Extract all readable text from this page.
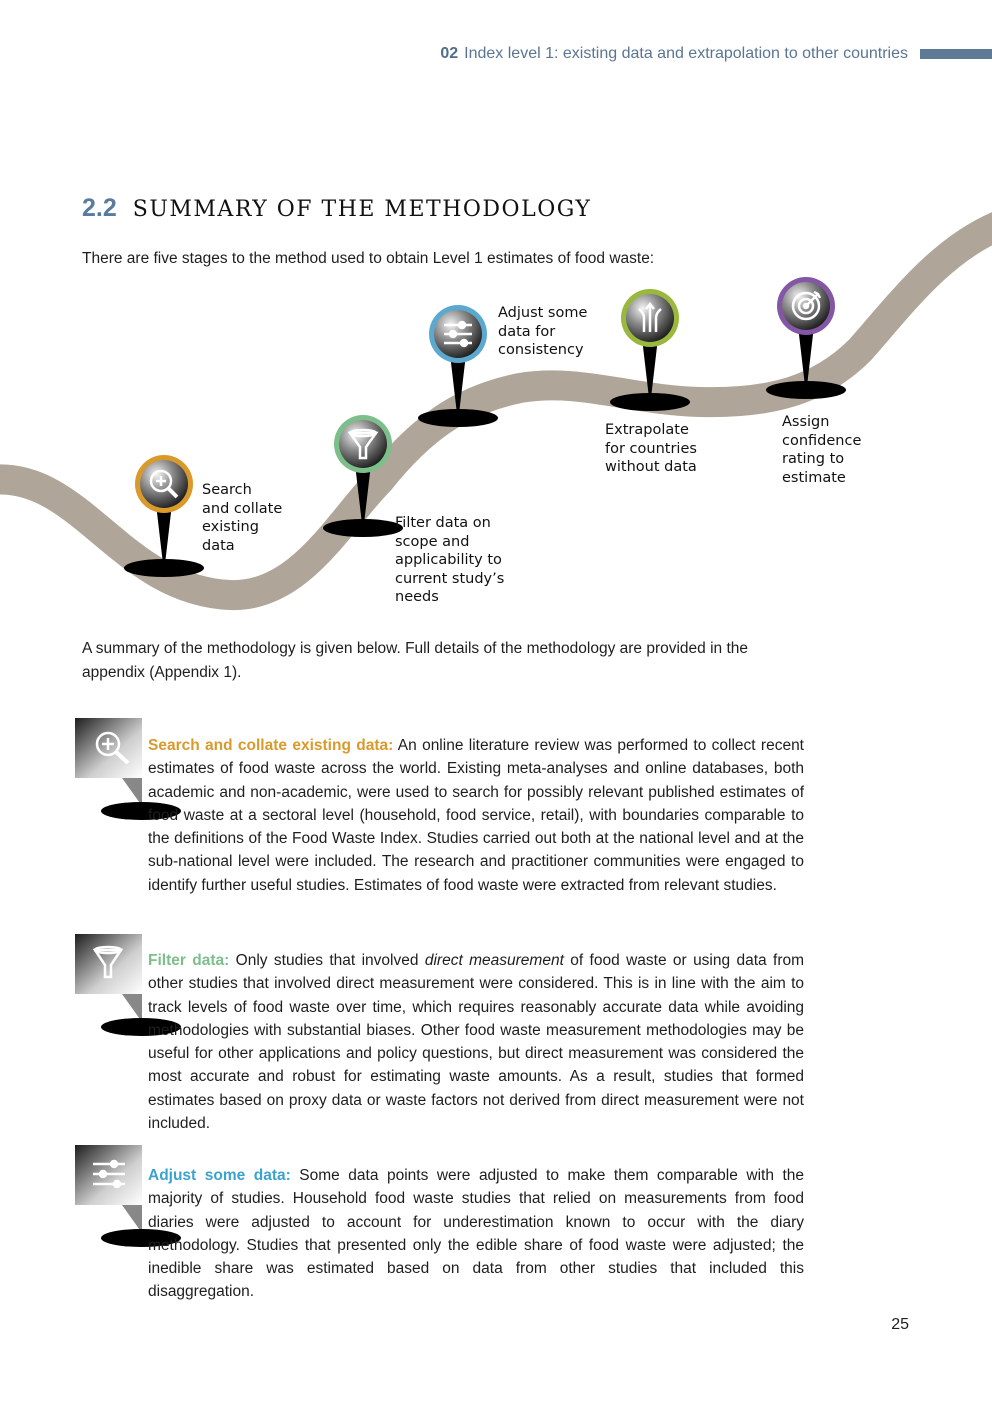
02 Index level 1: existing data and extrapolation to other countries
2.2 SUMMARY OF THE METHODOLOGY

There are five stages to the method used to obtain Level 1 estimates of food waste:

Search
and collate
existing
data

Filter data on
scope and
applicability to
current study’s
needs

Adjust some
data for
consistency

Extrapolate
for countries
without data

Assign
confidence
rating to
estimate

A summary of the methodology is given below. Full details of the methodology are provided in the appendix (Appendix 1).

Search and collate existing data: An online literature review was performed to collect recent estimates of food waste across the world. Existing meta-analyses and online databases, both academic and non-academic, were used to search for possibly relevant published estimates of food waste at a sectoral level (household, food service, retail), with boundaries comparable to the definitions of the Food Waste Index. Studies carried out both at the national level and at the sub-national level were included. The research and practitioner communities were engaged to identify further useful studies. Estimates of food waste were extracted from relevant studies.

Filter data: Only studies that involved direct measurement of food waste or using data from other studies that involved direct measurement were considered. This is in line with the aim to track levels of food waste over time, which requires reasonably accurate data while avoiding methodologies with substantial biases. Other food waste measurement methodologies may be useful for other applications and policy questions, but direct measurement was considered the most accurate and robust for estimating waste amounts. As a result, studies that formed estimates based on proxy data or waste factors not derived from direct measurement were not included.

Adjust some data: Some data points were adjusted to make them comparable with the majority of studies. Household food waste studies that relied on measurements from food diaries were adjusted to account for underestimation known to occur with the diary methodology. Studies that presented only the edible share of food waste were adjusted; the inedible share was estimated based on data from other studies that included this disaggregation.

25
